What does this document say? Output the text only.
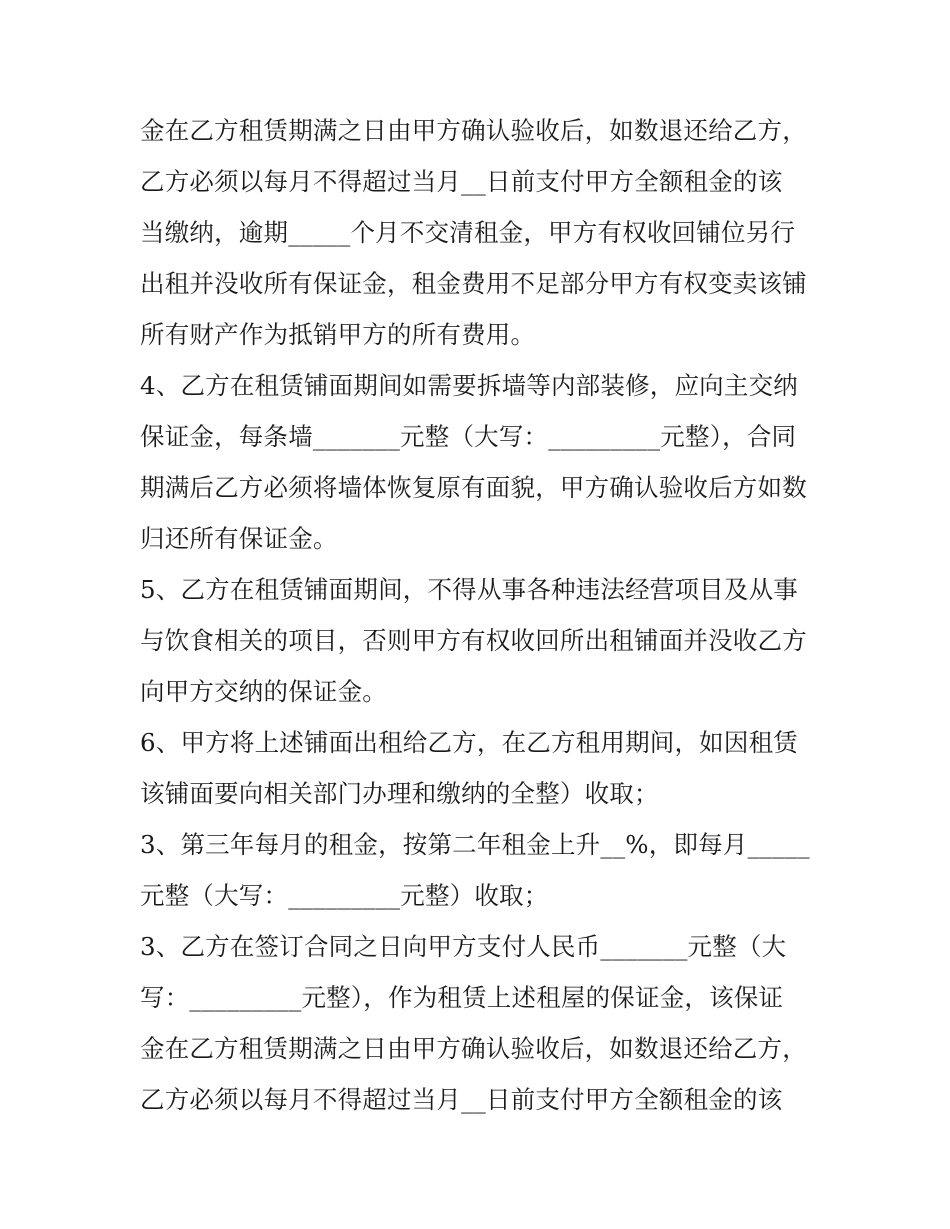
金在乙方租赁期满之日由甲方确认验收后，如数退还给乙方，
乙方必须以每月不得超过当月__日前支付甲方全额租金的该
当缴纳，逾期_____个月不交清租金，甲方有权收回铺位另行
出租并没收所有保证金，租金费用不足部分甲方有权变卖该铺
所有财产作为抵销甲方的所有费用。
4、乙方在租赁铺面期间如需要拆墙等内部装修，应向主交纳
保证金，每条墙_______元整（大写：_________元整），合同
期满后乙方必须将墙体恢复原有面貌，甲方确认验收后方如数
归还所有保证金。
5、乙方在租赁铺面期间，不得从事各种违法经营项目及从事
与饮食相关的项目，否则甲方有权收回所出租铺面并没收乙方
向甲方交纳的保证金。
6、甲方将上述铺面出租给乙方，在乙方租用期间，如因租赁
该铺面要向相关部门办理和缴纳的全整）收取；
3、第三年每月的租金，按第二年租金上升__%，即每月_____
元整（大写：_________元整）收取；
3、乙方在签订合同之日向甲方支付人民币_______元整（大
写：_________元整），作为租赁上述租屋的保证金，该保证
金在乙方租赁期满之日由甲方确认验收后，如数退还给乙方，
乙方必须以每月不得超过当月__日前支付甲方全额租金的该
